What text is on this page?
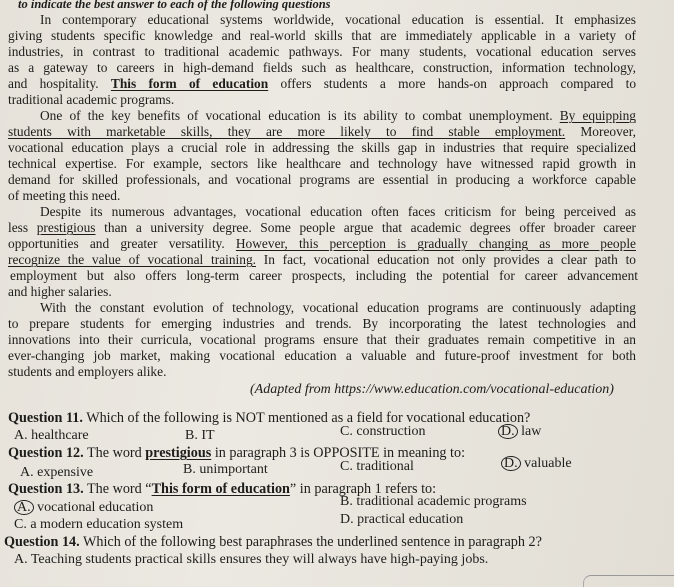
to indicate the best answer to each of the following questions
In contemporary educational systems worldwide, vocational education is essential. It emphasizes
giving students specific knowledge and real-world skills that are immediately applicable in a variety of
industries, in contrast to traditional academic pathways. For many students, vocational education serves
as a gateway to careers in high-demand fields such as healthcare, construction, information technology,
and hospitality. This form of education offers students a more hands-on approach compared to
traditional academic programs.
One of the key benefits of vocational education is its ability to combat unemployment. By equipping
students with marketable skills, they are more likely to find stable employment. Moreover,
vocational education plays a crucial role in addressing the skills gap in industries that require specialized
technical expertise. For example, sectors like healthcare and technology have witnessed rapid growth in
demand for skilled professionals, and vocational programs are essential in producing a workforce capable
of meeting this need.
Despite its numerous advantages, vocational education often faces criticism for being perceived as
less prestigious than a university degree. Some people argue that academic degrees offer broader career
opportunities and greater versatility. However, this perception is gradually changing as more people
recognize the value of vocational training. In fact, vocational education not only provides a clear path to
employment but also offers long-term career prospects, including the potential for career advancement
and higher salaries.
With the constant evolution of technology, vocational education programs are continuously adapting
to prepare students for emerging industries and trends. By incorporating the latest technologies and
innovations into their curricula, vocational programs ensure that their graduates remain competitive in an
ever-changing job market, making vocational education a valuable and future-proof investment for both
students and employers alike.
(Adapted from https://www.education.com/vocational-education)
Question 11. Which of the following is NOT mentioned as a field for vocational education?
A. healthcare	B. IT	C. construction	D. law
Question 12. The word prestigious in paragraph 3 is OPPOSITE in meaning to:
A. expensive	B. unimportant	C. traditional	D. valuable
Question 13. The word “This form of education” in paragraph 1 refers to:
A. vocational education	B. traditional academic programs
C. a modern education system	D. practical education
Question 14. Which of the following best paraphrases the underlined sentence in paragraph 2?
A. Teaching students practical skills ensures they will always have high-paying jobs.
